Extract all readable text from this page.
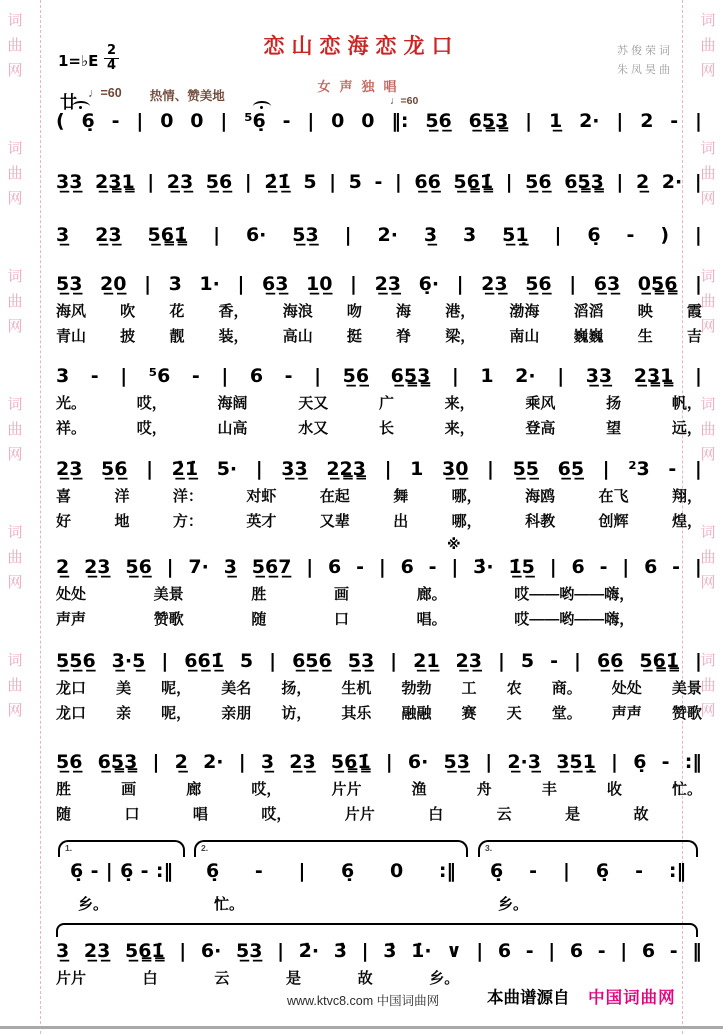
词
曲
网
词
曲
网
词
曲
网
词
曲
网
词
曲
网
词
曲
网
词
曲
网
词
曲
网
词
曲
网
词
曲
网
词
曲
网
词
曲
网
恋山恋海恋龙口
女声独唱
1=♭E $\frac{2}{4}$
♩=60 热情、赞美地	♩=60
苏俊荣词
朱凤昊曲
廿
※
( 6̣ - | 0 0 | ⁵6̣ - | 0 0 ‖: 5̲6̲ 6̲5̳3̳ | 1̲ 2· | 2 - |
3̲3̲ 2̲3̳1̳ | 2̲3̲ 5̲6̲ | 2̲̇1̲̇ 5 | 5 - | 6̲6̲ 5̲6̳1̳̇ | 5̲6̲ 6̲5̳3̳ | 2̲ 2· |
3̲ 2̲3̲ 5̲6̳1̳̇ | 6· 5̲3̲ | 2· 3̲ 3 5̲1̣̲ | 6̣ - ) |
5̲3̲ 2̲0̲ | 3 1· | 6̲3̲ 1̲0̲ | 2̲3̲ 6̣· | 2̲3̲ 5̲6̲ | 6̲3̲ 0̲5̳6̳ |
海风 吹 花 香， 海浪 吻 海 港， 渤海 滔滔 映 霞
青山 披 靓 装， 高山 挺 脊 梁， 南山 巍巍 生 吉
3 - | ⁵6 - | 6 - | 5̲6̲ 6̲5̳3̳ | 1 2· | 3̲3̲ 2̲3̳1̳ |
光。	哎，	海阔	天又	广	来，	乘风	扬	帆，
祥。	哎，	山高	水又	长	来，	登高	望	远，
2̲3̲ 5̲6̲ | 2̲̇1̲̇ 5· | 3̲3̲ 2̲2̳3̳ | 1 3̲0̲ | 5̲5̲ 6̲5̲ | ²3 - |
喜	洋	洋：	对虾	在起	舞	哪，	海鸥	在飞	翔，
好	地	方：	英才	又辈	出	哪，	科教	创辉	煌，
2̲ 2̲3̲ 5̲6̲ | 7· 3̲ 5̲6̲7̲ | 6 - | 6 - | 3̇· 1̲̇5̲ | 6 - | 6 - |
处处	美景	胜	画	廊。	哎——哟——嗨，
声声	赞歌	随	口	唱。	哎——哟——嗨，
5̲5̲6̲ 3̲·5̲ | 6̲6̲1̲̇ 5 | 6̲5̲6̲ 5̲3̲ | 2̲1̲ 2̲3̲ | 5 - | 6̲6̲ 5̲6̳1̳̇ |
龙口 美 呢， 美名 扬， 生机 勃勃 工 农 商。 处处 美景
龙口 亲 呢， 亲朋 访， 其乐 融融 赛 天 堂。 声声 赞歌
5̲6̲ 6̲5̳3̳ | 2̲ 2· | 3̲ 2̲3̲ 5̲6̳1̳̇ | 6· 5̲3̲ | 2̲·3̲ 3̲5̲1̣̲ | 6̣ - :‖
胜	画	廊	哎，	片片	渔	舟	丰	收	忙。
随	口	唱	哎，	片片	白	云	是	故
1.
6̣ - | 6̣ - :‖
乡。
2.
6̣ - | 6̣ 0 :‖
忙。
3.
6̣ - | 6̣ - :‖
乡。
3̲ 2̲3̲ 5̲6̳1̳̇ | 6· 5̲3̲ | 2̇· 3̇ | 3̇ 1̇· ∨ | 6 - | 6 - | 6 - ‖
片片	白	云	是	故	乡。
www.ktvc8.com 中国词曲网	本曲谱源自 中国词曲网
